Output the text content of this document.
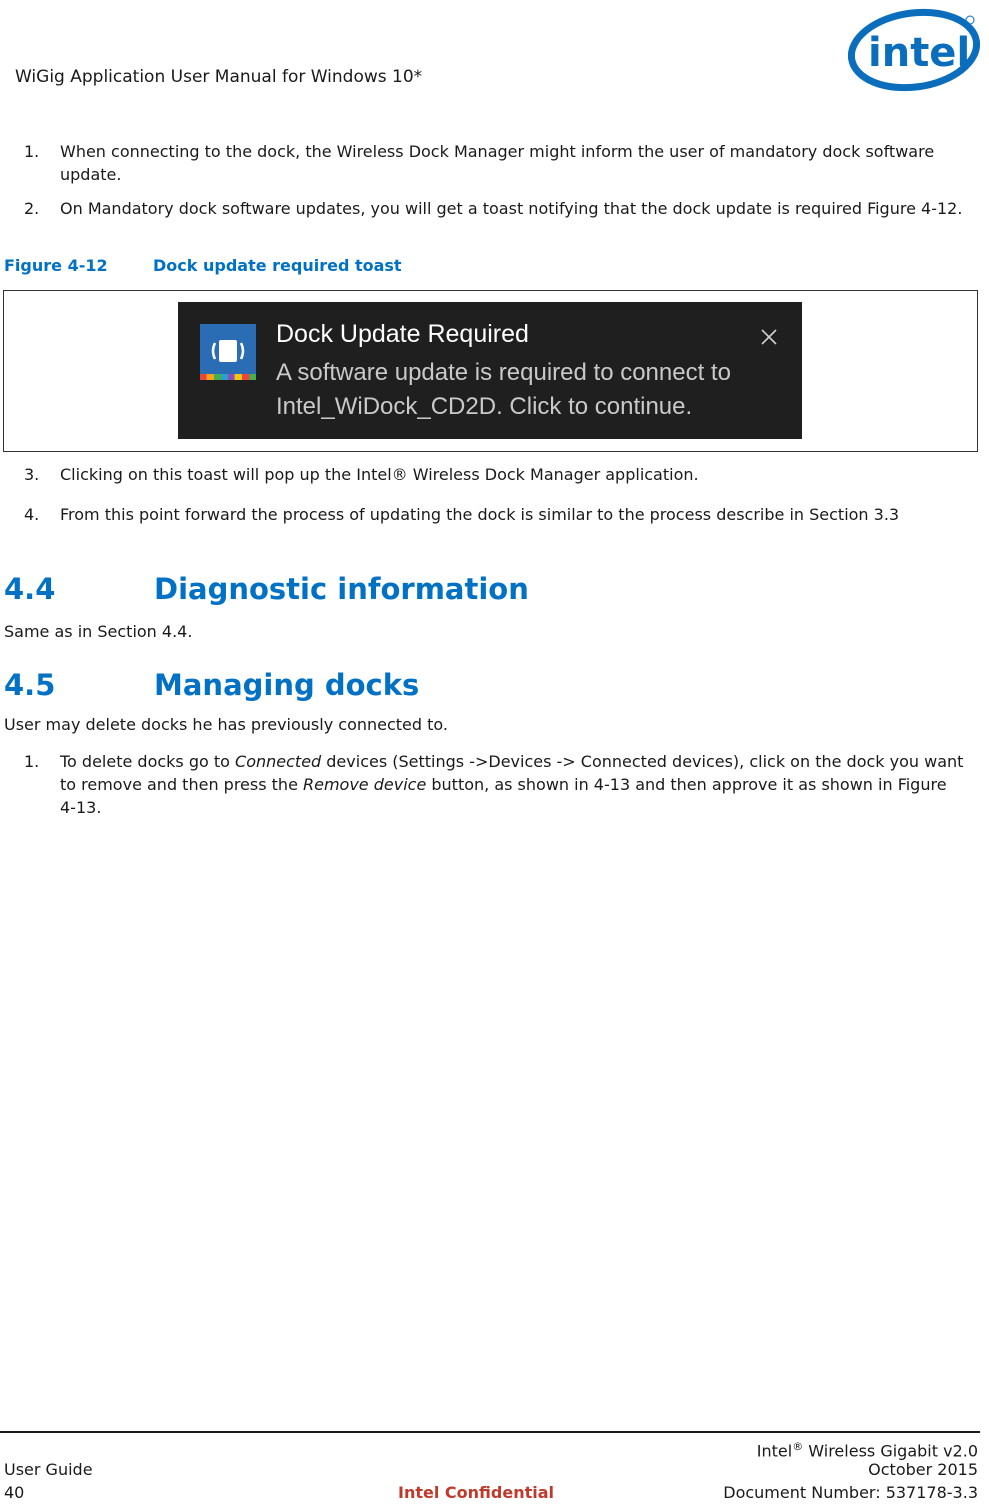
WiGig Application User Manual for Windows 10*
intel
1. When connecting to the dock, the Wireless Dock Manager might inform the user of mandatory dock software update.
2. On Mandatory dock software updates, you will get a toast notifying that the dock update is required Figure 4-12.
Figure 4-12	Dock update required toast
Dock Update Required
A software update is required to connect to Intel_WiDock_CD2D. Click to continue.
3. Clicking on this toast will pop up the Intel® Wireless Dock Manager application.
4. From this point forward the process of updating the dock is similar to the process describe in Section 3.3
4.4	Diagnostic information
Same as in Section 4.4.
4.5	Managing docks
User may delete docks he has previously connected to.
1. To delete docks go to Connected devices (Settings ->Devices -> Connected devices), click on the dock you want to remove and then press the Remove device button, as shown in 4-13 and then approve it as shown in Figure 4-13.
Intel® Wireless Gigabit v2.0
User Guide	October 2015
40	Intel Confidential	Document Number: 537178-3.3
